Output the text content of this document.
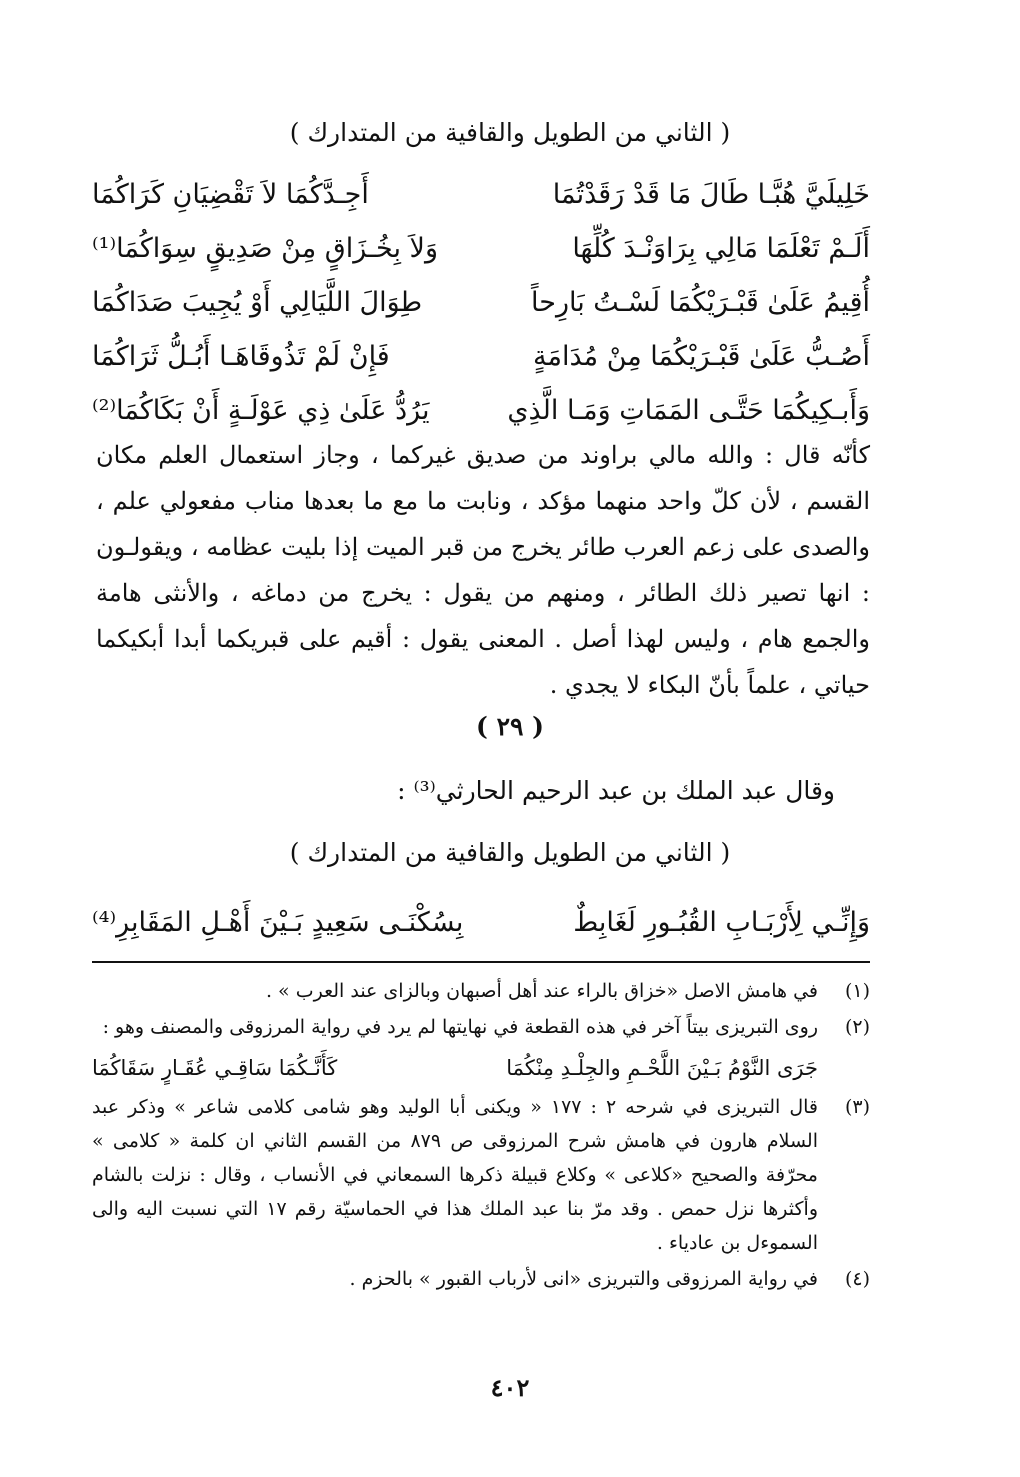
( الثاني من الطويل والقافية من المتدارك )
خَلِيلَيَّ هُبَّـا طَالَ مَا قَدْ رَقَدْتُمَا
أَجِـدَّكُمَا لاَ تَقْضِيَانِ كَرَاكُمَا
أَلَـمْ تَعْلَمَا مَالِي بِرَاوَنْـدَ كُلِّهَا
وَلاَ بِخُـزَاقٍ مِنْ صَدِيقٍ سِوَاكُمَا⁽¹⁾
أُقِيمُ عَلَىٰ قَبْـرَيْكُمَا لَسْـتُ بَارِحاً
طِوَالَ اللَّيَالِي أَوْ يُجِيبَ صَدَاكُمَا
أَصُـبُّ عَلَىٰ قَبْـرَيْكُمَا مِنْ مُدَامَةٍ
فَإِنْ لَمْ تَذُوقَاهَـا أَبُـلُّ ثَرَاكُمَا
وَأَبـكِيكُمَا حَتَّـى المَمَاتِ وَمَـا الَّذِي
يَرُدُّ عَلَىٰ ذِي عَوْلَـةٍ أَنْ بَكَاكُمَا⁽²⁾

كأنّه قال : والله مالي براوند من صديق غيركما ، وجاز استعمال العلم مكان القسم ، لأن كلّ واحد منهما مؤكد ، ونابت ما مع ما بعدها مناب مفعولي علم ، والصدى على زعم العرب طائر يخرج من قبر الميت إذا بليت عظامه ، ويقولـون : انها تصير ذلك الطائر ، ومنهم من يقول : يخرج من دماغه ، والأنثى هامة والجمع هام ، وليس لهذا أصل . المعنى يقول : أقيم على قبريكما أبدا أبكيكما حياتي ، علماً بأنّ البكاء لا يجدي .

( ٢٩ )
وقال عبد الملك بن عبد الرحيم الحارثي⁽³⁾ :
( الثاني من الطويل والقافية من المتدارك )
وَإِنِّـي لِأَرْبَـابِ القُبُـورِ لَغَابِطٌ
بِسُكْنَـى سَعِيدٍ بَـيْنَ أَهْـلِ المَقَابِرِ⁽⁴⁾
(١)
في هامش الاصل «خزاق بالراء عند أهل أصبهان وبالزاى عند العرب » .
(٢)
روى التبريزى بيتاً آخر في هذه القطعة في نهايتها لم يرد في رواية المرزوقى والمصنف وهو :
جَرَى النَّوْمُ بَـيْنَ اللَّحْـمِ والجِلْـدِ مِنْكُمَا
كَأَنَّـكُمَا سَاقِـي عُقَـارٍ سَقَاكُمَا
(٣)
قال التبريزى في شرحه ٢ : ١٧٧ « ويكنى أبا الوليد وهو شامى كلامى شاعر » وذكر عبد السلام هارون في هامش شرح المرزوقى ص ٨٧٩ من القسم الثاني ان كلمة « كلامى » محرّفة والصحيح «كلاعى » وكلاع قبيلة ذكرها السمعاني في الأنساب ، وقال : نزلت بالشام وأكثرها نزل حمص . وقد مرّ بنا عبد الملك هذا في الحماسيّة رقم ١٧ التي نسبت اليه والى السموءل بن عادياء .
(٤)
في رواية المرزوقى والتبريزى «انى لأرباب القبور » بالحزم .
٤٠٢
